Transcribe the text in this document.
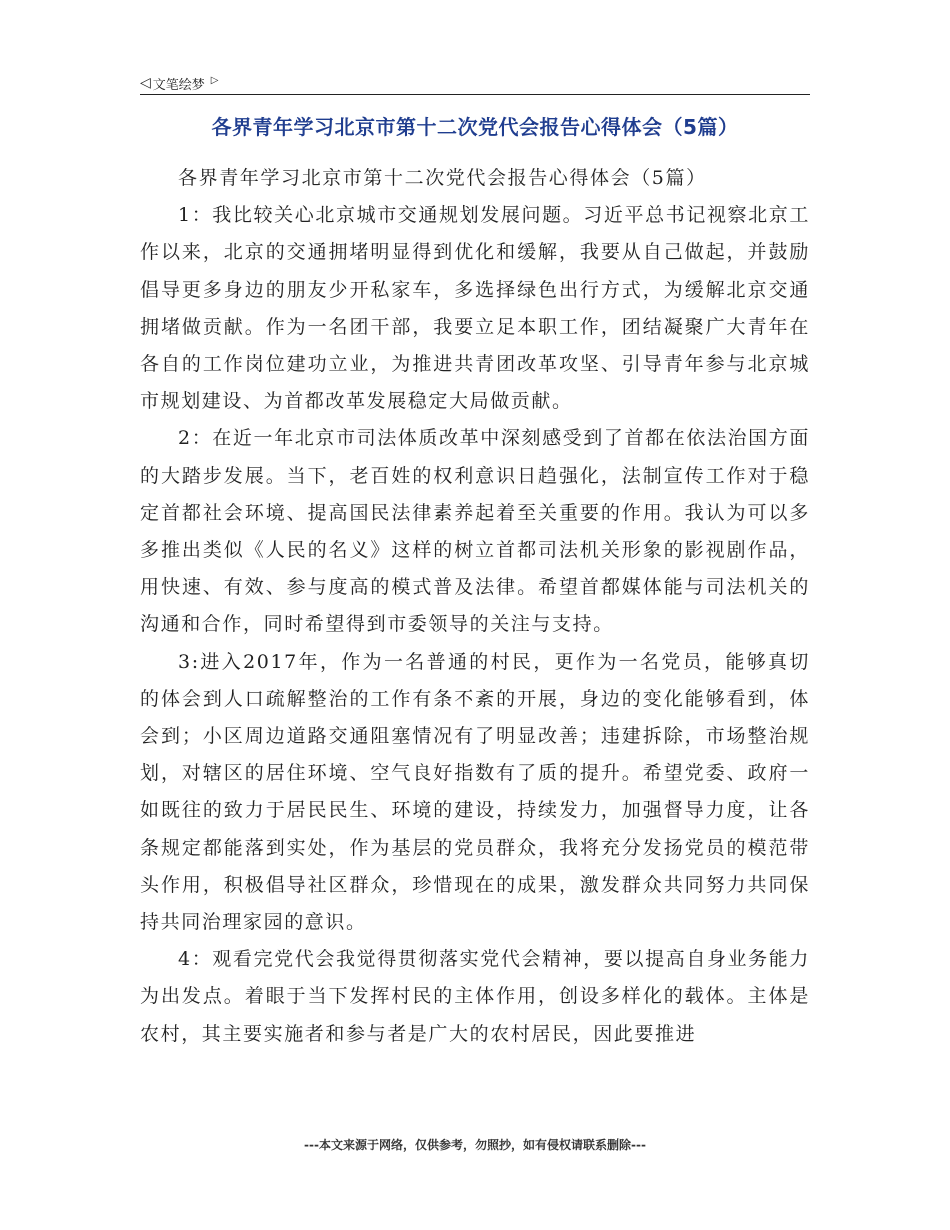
◁ 文笔绘梦 ▷
各界青年学习北京市第十二次党代会报告心得体会（5篇）

各界青年学习北京市第十二次党代会报告心得体会（5篇）

1：我比较关心北京城市交通规划发展问题。习近平总书记视察北京工作以来，北京的交通拥堵明显得到优化和缓解，我要从自己做起，并鼓励倡导更多身边的朋友少开私家车，多选择绿色出行方式，为缓解北京交通拥堵做贡献。作为一名团干部，我要立足本职工作，团结凝聚广大青年在各自的工作岗位建功立业，为推进共青团改革攻坚、引导青年参与北京城市规划建设、为首都改革发展稳定大局做贡献。

2：在近一年北京市司法体质改革中深刻感受到了首都在依法治国方面的大踏步发展。当下，老百姓的权利意识日趋强化，法制宣传工作对于稳定首都社会环境、提高国民法律素养起着至关重要的作用。我认为可以多多推出类似《人民的名义》这样的树立首都司法机关形象的影视剧作品，用快速、有效、参与度高的模式普及法律。希望首都媒体能与司法机关的沟通和合作，同时希望得到市委领导的关注与支持。

3:进入2017年，作为一名普通的村民，更作为一名党员，能够真切的体会到人口疏解整治的工作有条不紊的开展，身边的变化能够看到，体会到；小区周边道路交通阻塞情况有了明显改善；违建拆除，市场整治规划，对辖区的居住环境、空气良好指数有了质的提升。希望党委、政府一如既往的致力于居民民生、环境的建设，持续发力，加强督导力度，让各条规定都能落到实处，作为基层的党员群众，我将充分发扬党员的模范带头作用，积极倡导社区群众，珍惜现在的成果，激发群众共同努力共同保持共同治理家园的意识。

4：观看完党代会我觉得贯彻落实党代会精神，要以提高自身业务能力为出发点。着眼于当下发挥村民的主体作用，创设多样化的载体。主体是农村，其主要实施者和参与者是广大的农村居民，因此要推进

---本文来源于网络，仅供参考，勿照抄，如有侵权请联系删除---
